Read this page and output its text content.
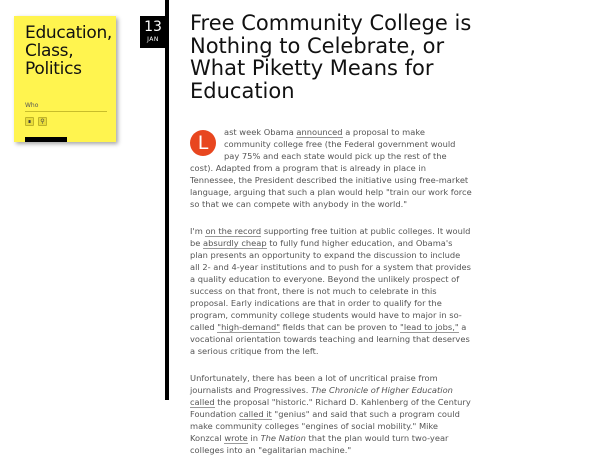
Education, Class, Politics
Who
∎	⚲
13
JAN
Free Community College is Nothing to Celebrate, or What Piketty Means for Education

L	ast week Obama announced a proposal to make community college free (the Federal government would pay 75% and each state would pick up the rest of the cost). Adapted from a program that is already in place in Tennessee, the President described the initiative using free-market language, arguing that such a plan would help "train our work force so that we can compete with anybody in the world."

I'm on the record supporting free tuition at public colleges. It would be absurdly cheap to fully fund higher education, and Obama's plan presents an opportunity to expand the discussion to include all 2- and 4-year institutions and to push for a system that provides a quality education to everyone. Beyond the unlikely prospect of success on that front, there is not much to celebrate in this proposal. Early indications are that in order to qualify for the program, community college students would have to major in so-called "high-demand" fields that can be proven to "lead to jobs," a vocational orientation towards teaching and learning that deserves a serious critique from the left.

Unfortunately, there has been a lot of uncritical praise from journalists and Progressives. The Chronicle of Higher Education called the proposal "historic." Richard D. Kahlenberg of the Century Foundation called it "genius" and said that such a program could make community colleges "engines of social mobility." Mike Konzcal wrote in The Nation that the plan would turn two-year colleges into an "egalitarian machine."
